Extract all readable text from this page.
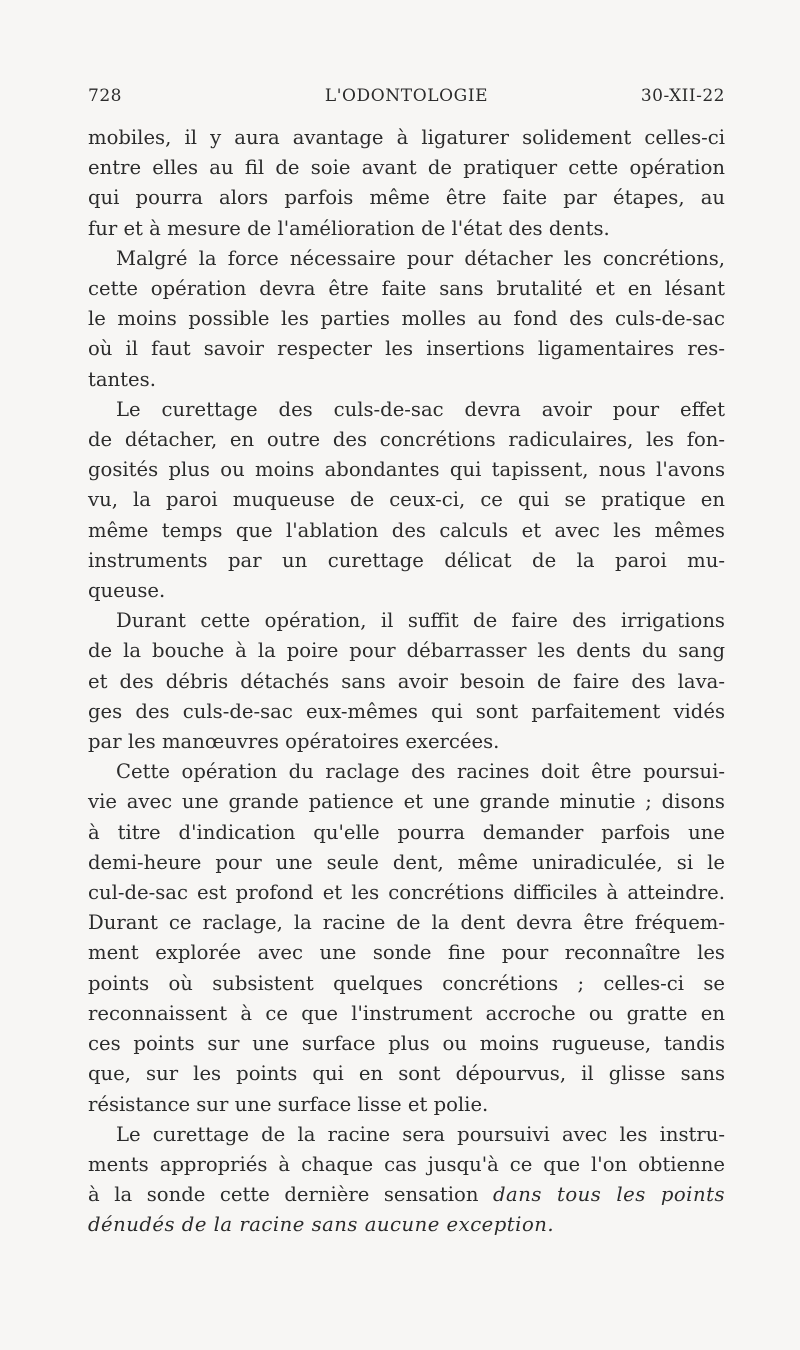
728	L'ODONTOLOGIE	30-XII-22

mobiles, il y aura avantage à ligaturer solidement celles-ci
entre elles au fil de soie avant de pratiquer cette opération
qui pourra alors parfois même être faite par étapes, au
fur et à mesure de l'amélioration de l'état des dents.

Malgré la force nécessaire pour détacher les concrétions,
cette opération devra être faite sans brutalité et en lésant
le moins possible les parties molles au fond des culs-de-sac
où il faut savoir respecter les insertions ligamentaires res-
tantes.

Le curettage des culs-de-sac devra avoir pour effet
de détacher, en outre des concrétions radiculaires, les fon-
gosités plus ou moins abondantes qui tapissent, nous l'avons
vu, la paroi muqueuse de ceux-ci, ce qui se pratique en
même temps que l'ablation des calculs et avec les mêmes
instruments par un curettage délicat de la paroi mu-
queuse.

Durant cette opération, il suffit de faire des irrigations
de la bouche à la poire pour débarrasser les dents du sang
et des débris détachés sans avoir besoin de faire des lava-
ges des culs-de-sac eux-mêmes qui sont parfaitement vidés
par les manœuvres opératoires exercées.

Cette opération du raclage des racines doit être poursui-
vie avec une grande patience et une grande minutie ; disons
à titre d'indication qu'elle pourra demander parfois une
demi-heure pour une seule dent, même uniradiculée, si le
cul-de-sac est profond et les concrétions difficiles à atteindre.
Durant ce raclage, la racine de la dent devra être fréquem-
ment explorée avec une sonde fine pour reconnaître les
points où subsistent quelques concrétions ; celles-ci se
reconnaissent à ce que l'instrument accroche ou gratte en
ces points sur une surface plus ou moins rugueuse, tandis
que, sur les points qui en sont dépourvus, il glisse sans
résistance sur une surface lisse et polie.

Le curettage de la racine sera poursuivi avec les instru-
ments appropriés à chaque cas jusqu'à ce que l'on obtienne
à la sonde cette dernière sensation dans tous les points
dénudés de la racine sans aucune exception.
